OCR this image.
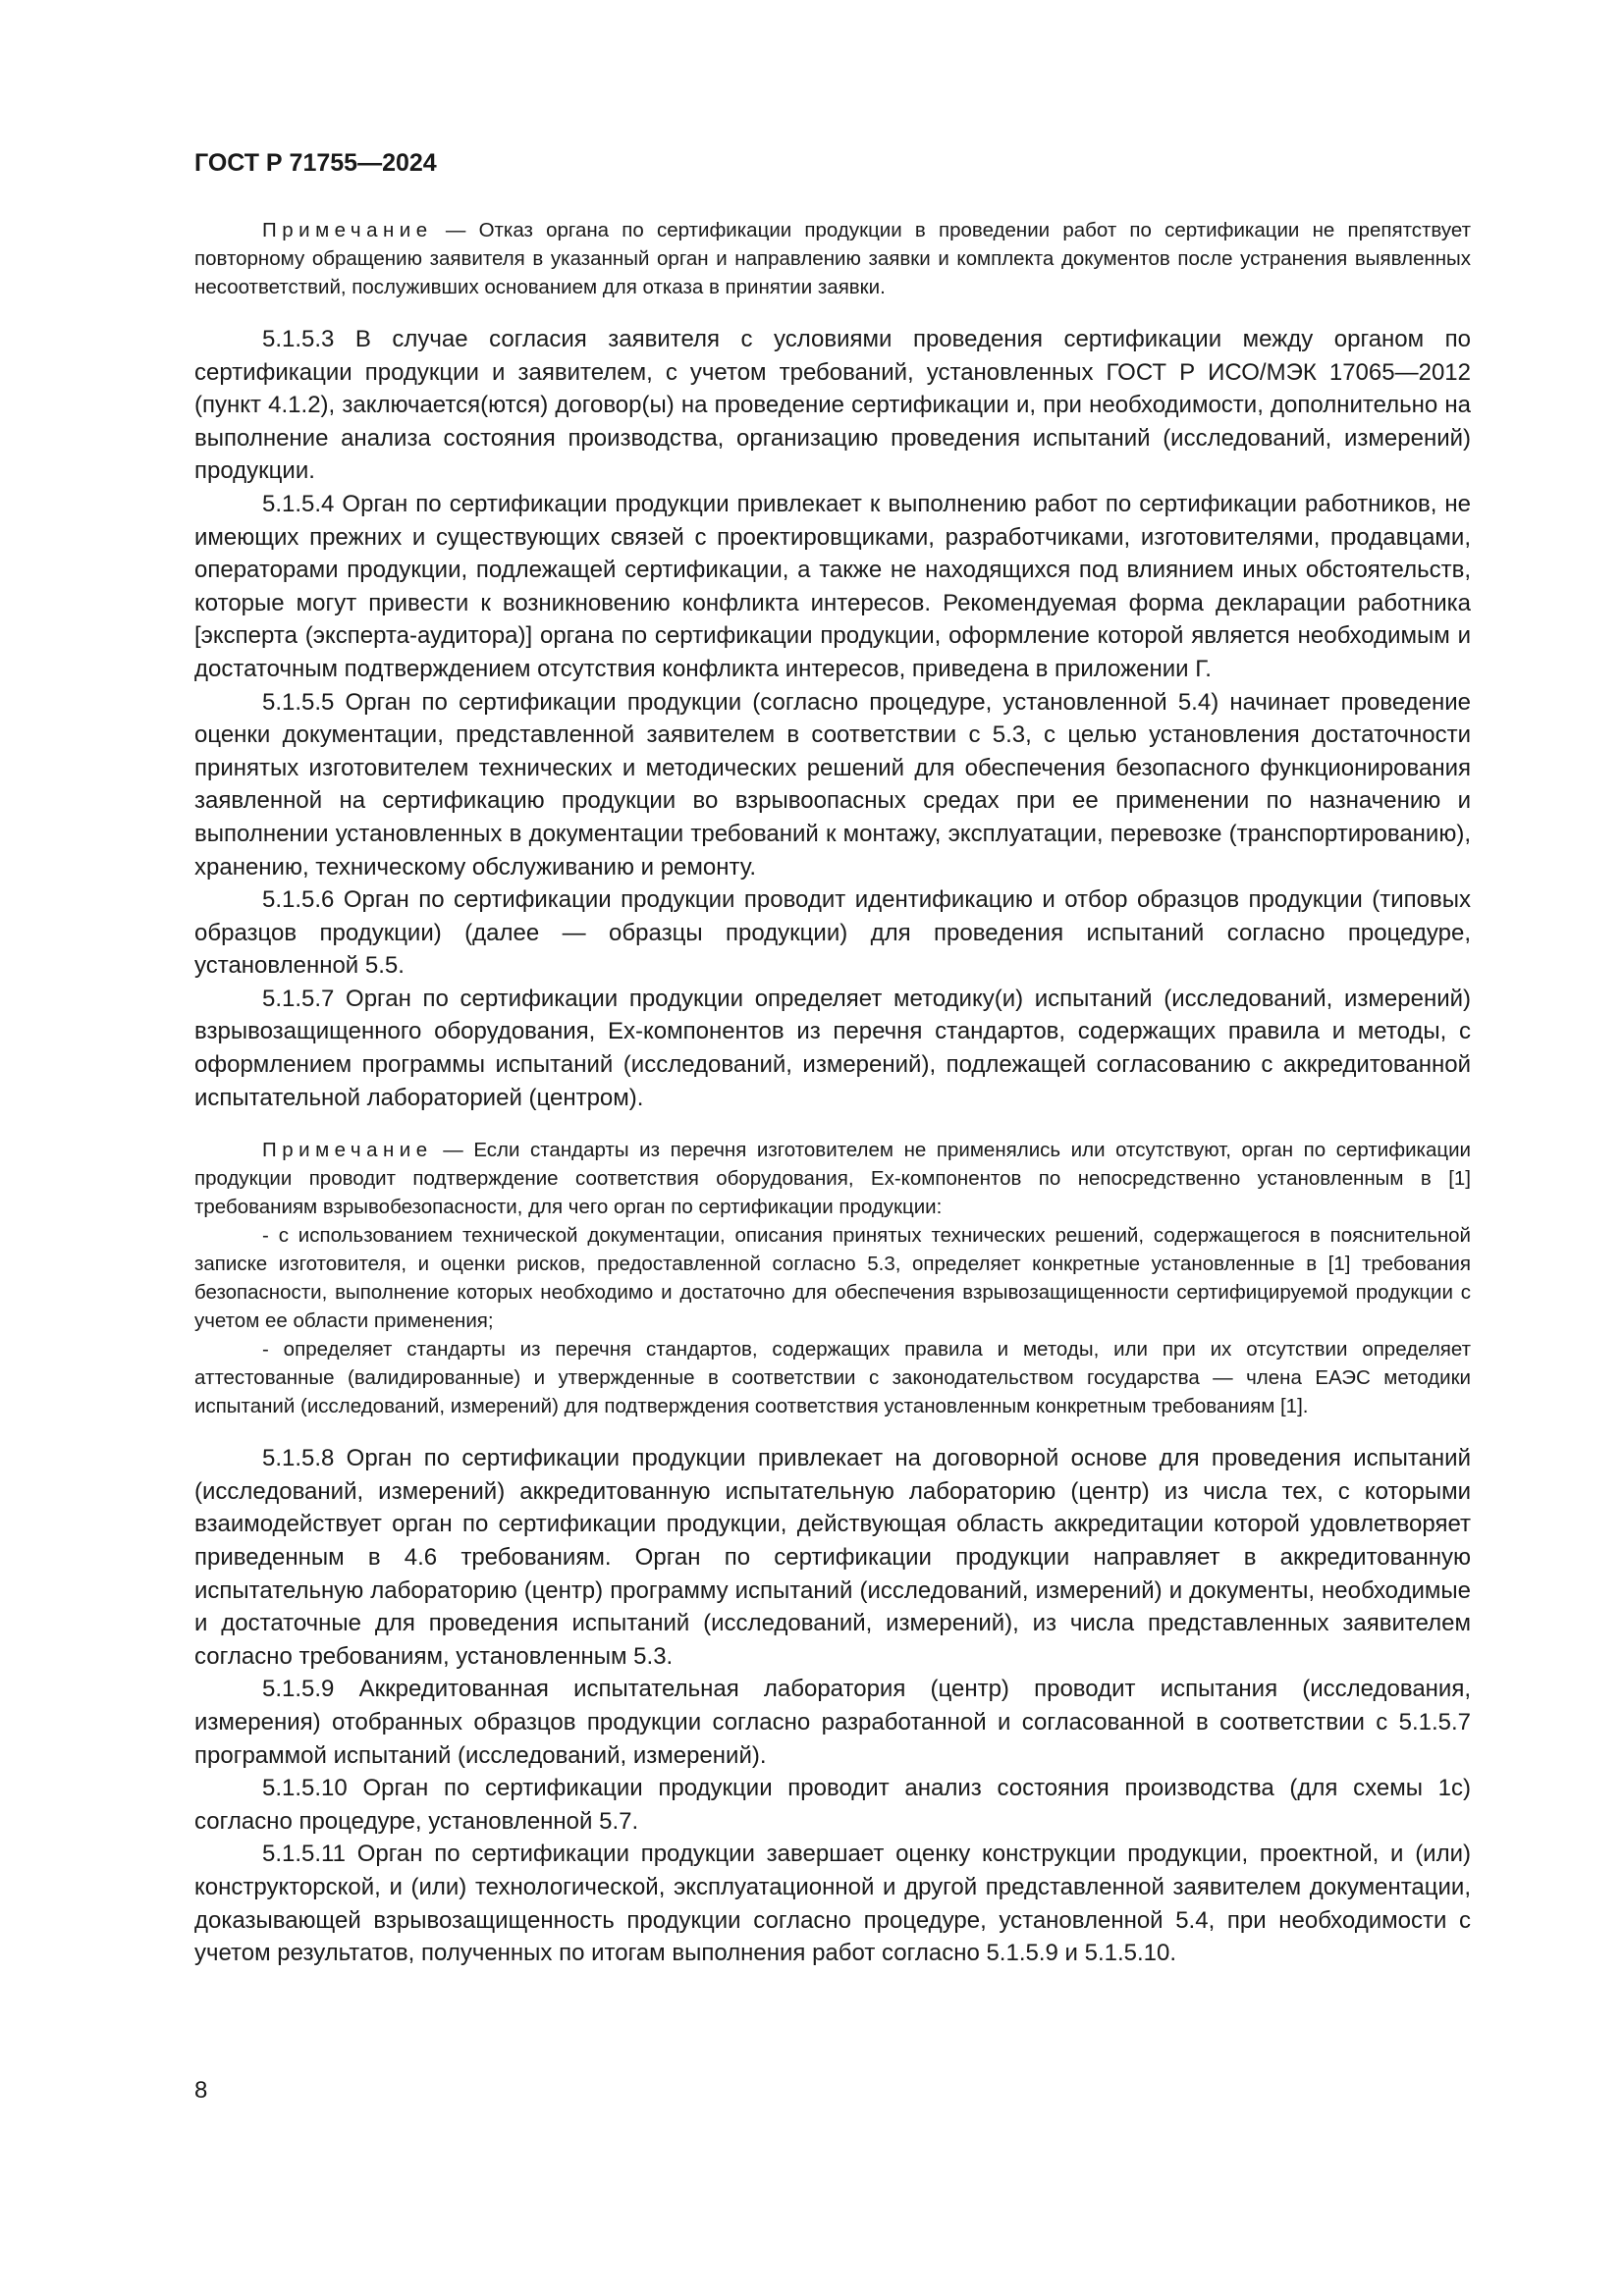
ГОСТ Р 71755—2024

Примечание — Отказ органа по сертификации продукции в проведении работ по сертификации не препятствует повторному обращению заявителя в указанный орган и направлению заявки и комплекта документов после устранения выявленных несоответствий, послуживших основанием для отказа в принятии заявки.

5.1.5.3 В случае согласия заявителя с условиями проведения сертификации между органом по сертификации продукции и заявителем, с учетом требований, установленных ГОСТ Р ИСО/МЭК 17065—2012 (пункт 4.1.2), заключается(ются) договор(ы) на проведение сертификации и, при необходимости, дополнительно на выполнение анализа состояния производства, организацию проведения испытаний (исследований, измерений) продукции.

5.1.5.4 Орган по сертификации продукции привлекает к выполнению работ по сертификации работников, не имеющих прежних и существующих связей с проектировщиками, разработчиками, изготовителями, продавцами, операторами продукции, подлежащей сертификации, а также не находящихся под влиянием иных обстоятельств, которые могут привести к возникновению конфликта интересов. Рекомендуемая форма декларации работника [эксперта (эксперта-аудитора)] органа по сертификации продукции, оформление которой является необходимым и достаточным подтверждением отсутствия конфликта интересов, приведена в приложении Г.

5.1.5.5 Орган по сертификации продукции (согласно процедуре, установленной 5.4) начинает проведение оценки документации, представленной заявителем в соответствии с 5.3, с целью установления достаточности принятых изготовителем технических и методических решений для обеспечения безопасного функционирования заявленной на сертификацию продукции во взрывоопасных средах при ее применении по назначению и выполнении установленных в документации требований к монтажу, эксплуатации, перевозке (транспортированию), хранению, техническому обслуживанию и ремонту.

5.1.5.6 Орган по сертификации продукции проводит идентификацию и отбор образцов продукции (типовых образцов продукции) (далее — образцы продукции) для проведения испытаний согласно процедуре, установленной 5.5.

5.1.5.7 Орган по сертификации продукции определяет методику(и) испытаний (исследований, измерений) взрывозащищенного оборудования, Ex-компонентов из перечня стандартов, содержащих правила и методы, с оформлением программы испытаний (исследований, измерений), подлежащей согласованию с аккредитованной испытательной лабораторией (центром).

Примечание — Если стандарты из перечня изготовителем не применялись или отсутствуют, орган по сертификации продукции проводит подтверждение соответствия оборудования, Ex-компонентов по непосредственно установленным в [1] требованиям взрывобезопасности, для чего орган по сертификации продукции:

- с использованием технической документации, описания принятых технических решений, содержащегося в пояснительной записке изготовителя, и оценки рисков, предоставленной согласно 5.3, определяет конкретные установленные в [1] требования безопасности, выполнение которых необходимо и достаточно для обеспечения взрывозащищенности сертифицируемой продукции с учетом ее области применения;

- определяет стандарты из перечня стандартов, содержащих правила и методы, или при их отсутствии определяет аттестованные (валидированные) и утвержденные в соответствии с законодательством государства — члена ЕАЭС методики испытаний (исследований, измерений) для подтверждения соответствия установленным конкретным требованиям [1].

5.1.5.8 Орган по сертификации продукции привлекает на договорной основе для проведения испытаний (исследований, измерений) аккредитованную испытательную лабораторию (центр) из числа тех, с которыми взаимодействует орган по сертификации продукции, действующая область аккредитации которой удовлетворяет приведенным в 4.6 требованиям. Орган по сертификации продукции направляет в аккредитованную испытательную лабораторию (центр) программу испытаний (исследований, измерений) и документы, необходимые и достаточные для проведения испытаний (исследований, измерений), из числа представленных заявителем согласно требованиям, установленным 5.3.

5.1.5.9 Аккредитованная испытательная лаборатория (центр) проводит испытания (исследования, измерения) отобранных образцов продукции согласно разработанной и согласованной в соответствии с 5.1.5.7 программой испытаний (исследований, измерений).

5.1.5.10 Орган по сертификации продукции проводит анализ состояния производства (для схемы 1с) согласно процедуре, установленной 5.7.

5.1.5.11 Орган по сертификации продукции завершает оценку конструкции продукции, проектной, и (или) конструкторской, и (или) технологической, эксплуатационной и другой представленной заявителем документации, доказывающей взрывозащищенность продукции согласно процедуре, установленной 5.4, при необходимости с учетом результатов, полученных по итогам выполнения работ согласно 5.1.5.9 и 5.1.5.10.

8
